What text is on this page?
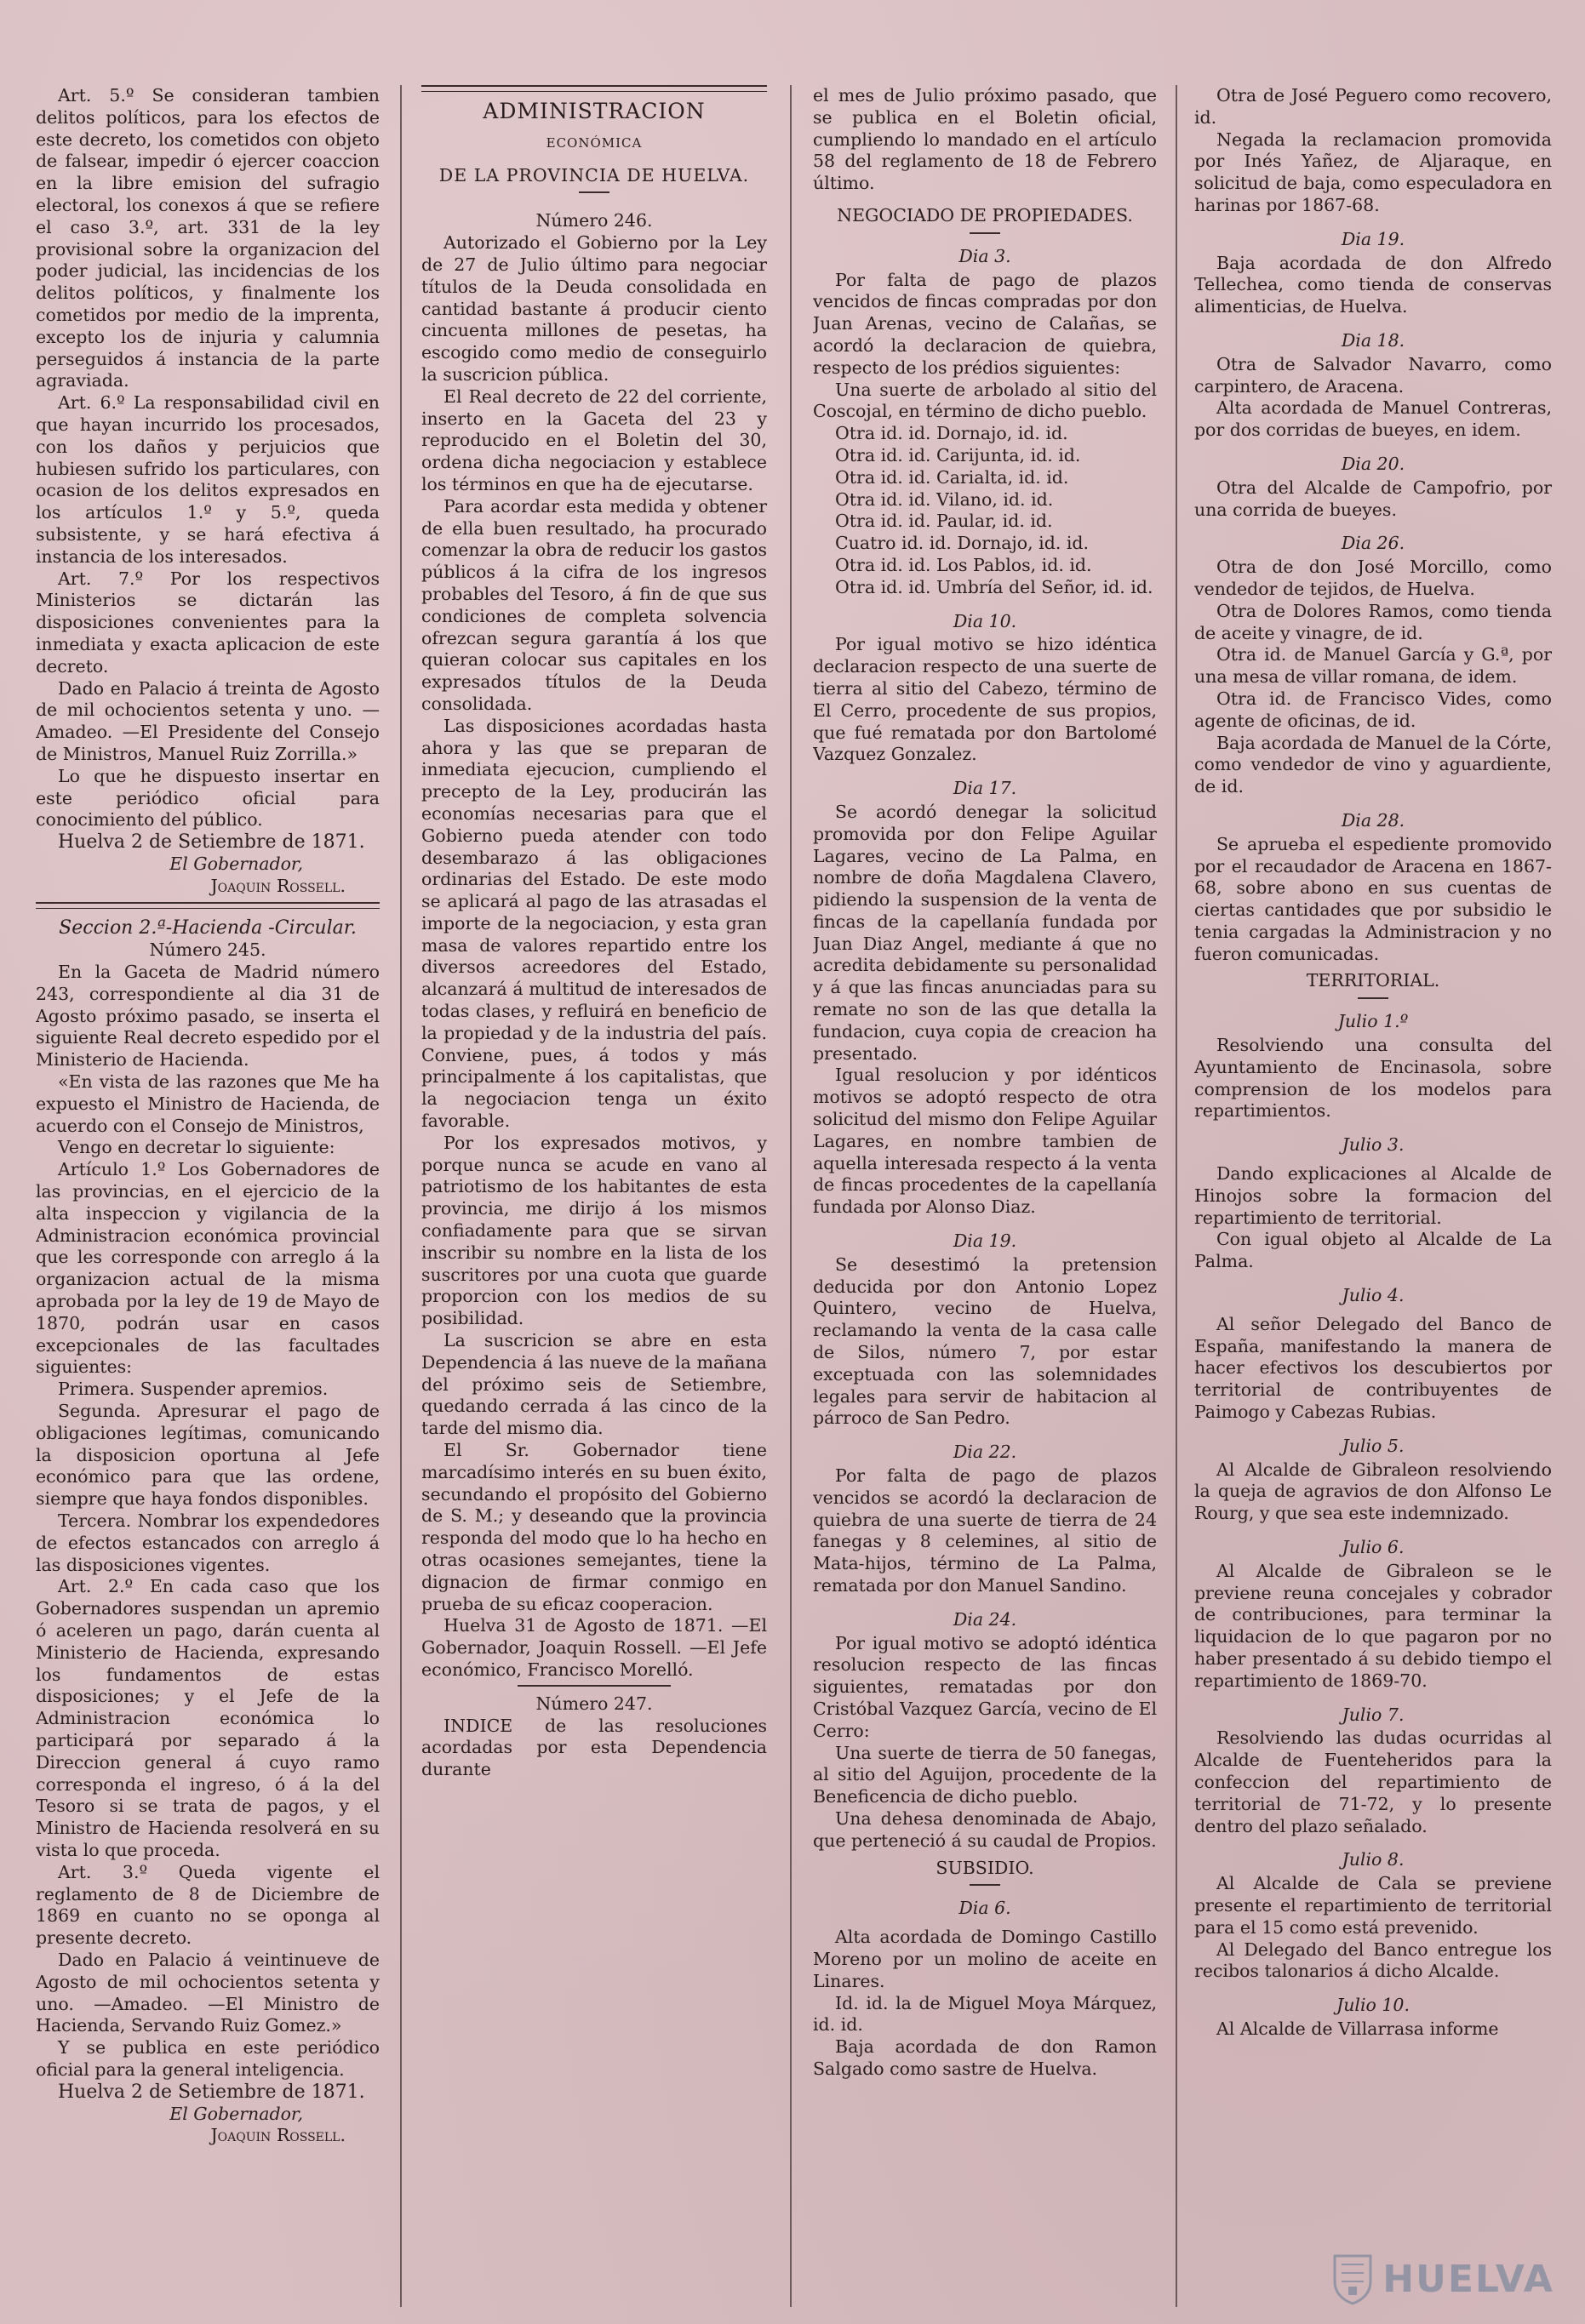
Art. 5.º Se consideran tambien delitos políticos, para los efectos de este decreto, los cometidos con objeto de falsear, impedir ó ejercer coaccion en la libre emision del sufragio electoral, los conexos á que se refiere el caso 3.º, art. 331 de la ley provisional sobre la organizacion del poder judicial, las incidencias de los delitos políticos, y finalmente los cometidos por medio de la imprenta, excepto los de injuria y calumnia perseguidos á instancia de la parte agraviada.

Art. 6.º La responsabilidad civil en que hayan incurrido los procesados, con los daños y perjuicios que hubiesen sufrido los particulares, con ocasion de los delitos expresados en los artículos 1.º y 5.º, queda subsistente, y se hará efectiva á instancia de los interesados.

Art. 7.º Por los respectivos Ministerios se dictarán las disposiciones convenientes para la inmediata y exacta aplicacion de este decreto.

Dado en Palacio á treinta de Agosto de mil ochocientos setenta y uno. —Amadeo. —El Presidente del Consejo de Ministros, Manuel Ruiz Zorrilla.»

Lo que he dispuesto insertar en este periódico oficial para conocimiento del público.

Huelva 2 de Setiembre de 1871.

El Gobernador,

Joaquin Rossell.

Seccion 2.ª-Hacienda -Circular.

Número 245.

En la Gaceta de Madrid número 243, correspondiente al dia 31 de Agosto próximo pasado, se inserta el siguiente Real decreto espedido por el Ministerio de Hacienda.

«En vista de las razones que Me ha expuesto el Ministro de Hacienda, de acuerdo con el Consejo de Ministros,

Vengo en decretar lo siguiente:

Artículo 1.º Los Gobernadores de las provincias, en el ejercicio de la alta inspeccion y vigilancia de la Administracion económica provincial que les corresponde con arreglo á la organizacion actual de la misma aprobada por la ley de 19 de Mayo de 1870, podrán usar en casos excepcionales de las facultades siguientes:

Primera. Suspender apremios.

Segunda. Apresurar el pago de obligaciones legítimas, comunicando la disposicion oportuna al Jefe económico para que las ordene, siempre que haya fondos disponibles.

Tercera. Nombrar los expendedores de efectos estancados con arreglo á las disposiciones vigentes.

Art. 2.º En cada caso que los Gobernadores suspendan un apremio ó aceleren un pago, darán cuenta al Ministerio de Hacienda, expresando los fundamentos de estas disposiciones; y el Jefe de la Administracion económica lo participará por separado á la Direccion general á cuyo ramo corresponda el ingreso, ó á la del Tesoro si se trata de pagos, y el Ministro de Hacienda resolverá en su vista lo que proceda.

Art. 3.º Queda vigente el reglamento de 8 de Diciembre de 1869 en cuanto no se oponga al presente decreto.

Dado en Palacio á veintinueve de Agosto de mil ochocientos setenta y uno. —Amadeo. —El Ministro de Hacienda, Servando Ruiz Gomez.»

Y se publica en este periódico oficial para la general inteligencia.

Huelva 2 de Setiembre de 1871.

El Gobernador,

Joaquin Rossell.

ADMINISTRACION

ECONÓMICA

DE LA PROVINCIA DE HUELVA.

Número 246.

Autorizado el Gobierno por la Ley de 27 de Julio último para negociar títulos de la Deuda consolidada en cantidad bastante á producir ciento cincuenta millones de pesetas, ha escogido como medio de conseguirlo la suscricion pública.

El Real decreto de 22 del corriente, inserto en la Gaceta del 23 y reproducido en el Boletin del 30, ordena dicha negociacion y establece los términos en que ha de ejecutarse.

Para acordar esta medida y obtener de ella buen resultado, ha procurado comenzar la obra de reducir los gastos públicos á la cifra de los ingresos probables del Tesoro, á fin de que sus condiciones de completa solvencia ofrezcan segura garantía á los que quieran colocar sus capitales en los expresados títulos de la Deuda consolidada.

Las disposiciones acordadas hasta ahora y las que se preparan de inmediata ejecucion, cumpliendo el precepto de la Ley, producirán las economías necesarias para que el Gobierno pueda atender con todo desembarazo á las obligaciones ordinarias del Estado. De este modo se aplicará al pago de las atrasadas el importe de la negociacion, y esta gran masa de valores repartido entre los diversos acreedores del Estado, alcanzará á multitud de interesados de todas clases, y refluirá en beneficio de la propiedad y de la industria del país. Conviene, pues, á todos y más principalmente á los capitalistas, que la negociacion tenga un éxito favorable.

Por los expresados motivos, y porque nunca se acude en vano al patriotismo de los habitantes de esta provincia, me dirijo á los mismos confiadamente para que se sirvan inscribir su nombre en la lista de los suscritores por una cuota que guarde proporcion con los medios de su posibilidad.

La suscricion se abre en esta Dependencia á las nueve de la mañana del próximo seis de Setiembre, quedando cerrada á las cinco de la tarde del mismo dia.

El Sr. Gobernador tiene marcadísimo interés en su buen éxito, secundando el propósito del Gobierno de S. M.; y deseando que la provincia responda del modo que lo ha hecho en otras ocasiones semejantes, tiene la dignacion de firmar conmigo en prueba de su eficaz cooperacion.

Huelva 31 de Agosto de 1871. —El Gobernador, Joaquin Rossell. —El Jefe económico, Francisco Morelló.

Número 247.

INDICE de las resoluciones acordadas por esta Dependencia durante

el mes de Julio próximo pasado, que se publica en el Boletin oficial, cumpliendo lo mandado en el artículo 58 del reglamento de 18 de Febrero último.

NEGOCIADO DE PROPIEDADES.

Dia 3.

Por falta de pago de plazos vencidos de fincas compradas por don Juan Arenas, vecino de Calañas, se acordó la declaracion de quiebra, respecto de los prédios siguientes:

Una suerte de arbolado al sitio del Coscojal, en término de dicho pueblo.

Otra id. id. Dornajo, id. id.

Otra id. id. Carijunta, id. id.

Otra id. id. Carialta, id. id.

Otra id. id. Vilano, id. id.

Otra id. id. Paular, id. id.

Cuatro id. id. Dornajo, id. id.

Otra id. id. Los Pablos, id. id.

Otra id. id. Umbría del Señor, id. id.

Dia 10.

Por igual motivo se hizo idéntica declaracion respecto de una suerte de tierra al sitio del Cabezo, término de El Cerro, procedente de sus propios, que fué rematada por don Bartolomé Vazquez Gonzalez.

Dia 17.

Se acordó denegar la solicitud promovida por don Felipe Aguilar Lagares, vecino de La Palma, en nombre de doña Magdalena Clavero, pidiendo la suspension de la venta de fincas de la capellanía fundada por Juan Diaz Angel, mediante á que no acredita debidamente su personalidad y á que las fincas anunciadas para su remate no son de las que detalla la fundacion, cuya copia de creacion ha presentado.

Igual resolucion y por idénticos motivos se adoptó respecto de otra solicitud del mismo don Felipe Aguilar Lagares, en nombre tambien de aquella interesada respecto á la venta de fincas procedentes de la capellanía fundada por Alonso Diaz.

Dia 19.

Se desestimó la pretension deducida por don Antonio Lopez Quintero, vecino de Huelva, reclamando la venta de la casa calle de Silos, número 7, por estar exceptuada con las solemnidades legales para servir de habitacion al párroco de San Pedro.

Dia 22.

Por falta de pago de plazos vencidos se acordó la declaracion de quiebra de una suerte de tierra de 24 fanegas y 8 celemines, al sitio de Mata-hijos, término de La Palma, rematada por don Manuel Sandino.

Dia 24.

Por igual motivo se adoptó idéntica resolucion respecto de las fincas siguientes, rematadas por don Cristóbal Vazquez García, vecino de El Cerro:

Una suerte de tierra de 50 fanegas, al sitio del Aguijon, procedente de la Beneficencia de dicho pueblo.

Una dehesa denominada de Abajo, que perteneció á su caudal de Propios.

SUBSIDIO.

Dia 6.

Alta acordada de Domingo Castillo Moreno por un molino de aceite en Linares.

Id. id. la de Miguel Moya Márquez, id. id.

Baja acordada de don Ramon Salgado como sastre de Huelva.

Otra de José Peguero como recovero, id.

Negada la reclamacion promovida por Inés Yañez, de Aljaraque, en solicitud de baja, como especuladora en harinas por 1867-68.

Dia 19.

Baja acordada de don Alfredo Tellechea, como tienda de conservas alimenticias, de Huelva.

Dia 18.

Otra de Salvador Navarro, como carpintero, de Aracena.

Alta acordada de Manuel Contreras, por dos corridas de bueyes, en idem.

Dia 20.

Otra del Alcalde de Campofrio, por una corrida de bueyes.

Dia 26.

Otra de don José Morcillo, como vendedor de tejidos, de Huelva.

Otra de Dolores Ramos, como tienda de aceite y vinagre, de id.

Otra id. de Manuel García y G.ª, por una mesa de villar romana, de idem.

Otra id. de Francisco Vides, como agente de oficinas, de id.

Baja acordada de Manuel de la Córte, como vendedor de vino y aguardiente, de id.

Dia 28.

Se aprueba el espediente promovido por el recaudador de Aracena en 1867-68, sobre abono en sus cuentas de ciertas cantidades que por subsidio le tenia cargadas la Administracion y no fueron comunicadas.

TERRITORIAL.

Julio 1.º

Resolviendo una consulta del Ayuntamiento de Encinasola, sobre comprension de los modelos para repartimientos.

Julio 3.

Dando explicaciones al Alcalde de Hinojos sobre la formacion del repartimiento de territorial.

Con igual objeto al Alcalde de La Palma.

Julio 4.

Al señor Delegado del Banco de España, manifestando la manera de hacer efectivos los descubiertos por territorial de contribuyentes de Paimogo y Cabezas Rubias.

Julio 5.

Al Alcalde de Gibraleon resolviendo la queja de agravios de don Alfonso Le Rourg, y que sea este indemnizado.

Julio 6.

Al Alcalde de Gibraleon se le previene reuna concejales y cobrador de contribuciones, para terminar la liquidacion de lo que pagaron por no haber presentado á su debido tiempo el repartimiento de 1869-70.

Julio 7.

Resolviendo las dudas ocurridas al Alcalde de Fuenteheridos para la confeccion del repartimiento de territorial de 71-72, y lo presente dentro del plazo señalado.

Julio 8.

Al Alcalde de Cala se previene presente el repartimiento de territorial para el 15 como está prevenido.

Al Delegado del Banco entregue los recibos talonarios á dicho Alcalde.

Julio 10.

Al Alcalde de Villarrasa informe

HUELVA
